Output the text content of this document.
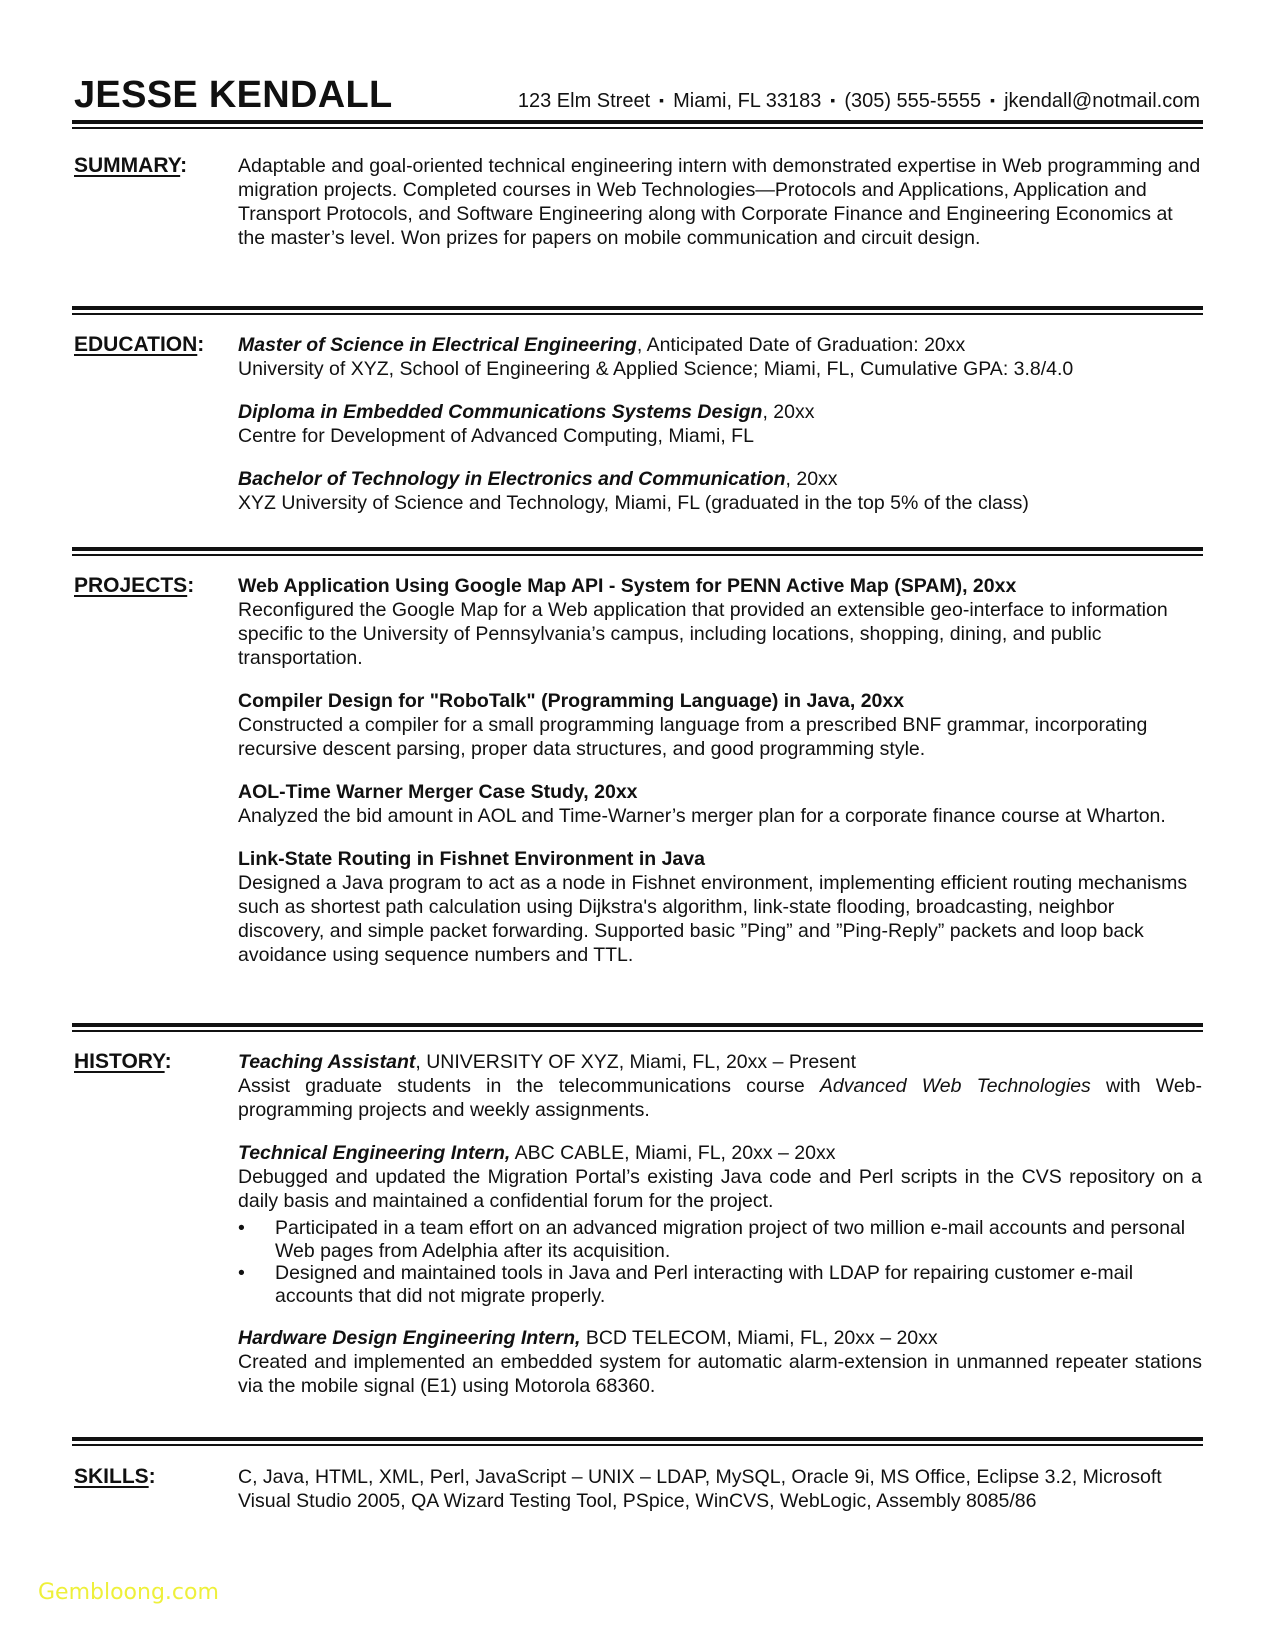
JESSE KENDALL	123 Elm Street ▪ Miami, FL 33183 ▪ (305) 555-5555 ▪ jkendall@notmail.com
SUMMARY:	Adaptable and goal-oriented technical engineering intern with demonstrated expertise in Web programming and migration projects. Completed courses in Web Technologies—Protocols and Applications, Application and Transport Protocols, and Software Engineering along with Corporate Finance and Engineering Economics at the master’s level. Won prizes for papers on mobile communication and circuit design.
EDUCATION: Master of Science in Electrical Engineering, Anticipated Date of Graduation: 20xx
University of XYZ, School of Engineering & Applied Science; Miami, FL, Cumulative GPA: 3.8/4.0
Diploma in Embedded Communications Systems Design, 20xx
Centre for Development of Advanced Computing, Miami, FL
Bachelor of Technology in Electronics and Communication, 20xx
XYZ University of Science and Technology, Miami, FL (graduated in the top 5% of the class)
PROJECTS: Web Application Using Google Map API - System for PENN Active Map (SPAM), 20xx
Reconfigured the Google Map for a Web application that provided an extensible geo-interface to information specific to the University of Pennsylvania’s campus, including locations, shopping, dining, and public transportation.
Compiler Design for "RoboTalk" (Programming Language) in Java, 20xx
Constructed a compiler for a small programming language from a prescribed BNF grammar, incorporating recursive descent parsing, proper data structures, and good programming style.
AOL-Time Warner Merger Case Study, 20xx
Analyzed the bid amount in AOL and Time-Warner’s merger plan for a corporate finance course at Wharton.
Link-State Routing in Fishnet Environment in Java
Designed a Java program to act as a node in Fishnet environment, implementing efficient routing mechanisms such as shortest path calculation using Dijkstra's algorithm, link-state flooding, broadcasting, neighbor discovery, and simple packet forwarding. Supported basic ”Ping” and ”Ping-Reply” packets and loop back avoidance using sequence numbers and TTL.
HISTORY:	Teaching Assistant, UNIVERSITY OF XYZ, Miami, FL, 20xx – Present
Assist graduate students in the telecommunications course Advanced Web Technologies with Web-programming projects and weekly assignments.
Technical Engineering Intern, ABC CABLE, Miami, FL, 20xx – 20xx
Debugged and updated the Migration Portal’s existing Java code and Perl scripts in the CVS repository on a daily basis and maintained a confidential forum for the project.
• Participated in a team effort on an advanced migration project of two million e-mail accounts and personal Web pages from Adelphia after its acquisition.
• Designed and maintained tools in Java and Perl interacting with LDAP for repairing customer e-mail accounts that did not migrate properly.
Hardware Design Engineering Intern, BCD TELECOM, Miami, FL, 20xx – 20xx
Created and implemented an embedded system for automatic alarm-extension in unmanned repeater stations via the mobile signal (E1) using Motorola 68360.
SKILLS:	C, Java, HTML, XML, Perl, JavaScript – UNIX – LDAP, MySQL, Oracle 9i, MS Office, Eclipse 3.2, Microsoft Visual Studio 2005, QA Wizard Testing Tool, PSpice, WinCVS, WebLogic, Assembly 8085/86
Gembloong.com
